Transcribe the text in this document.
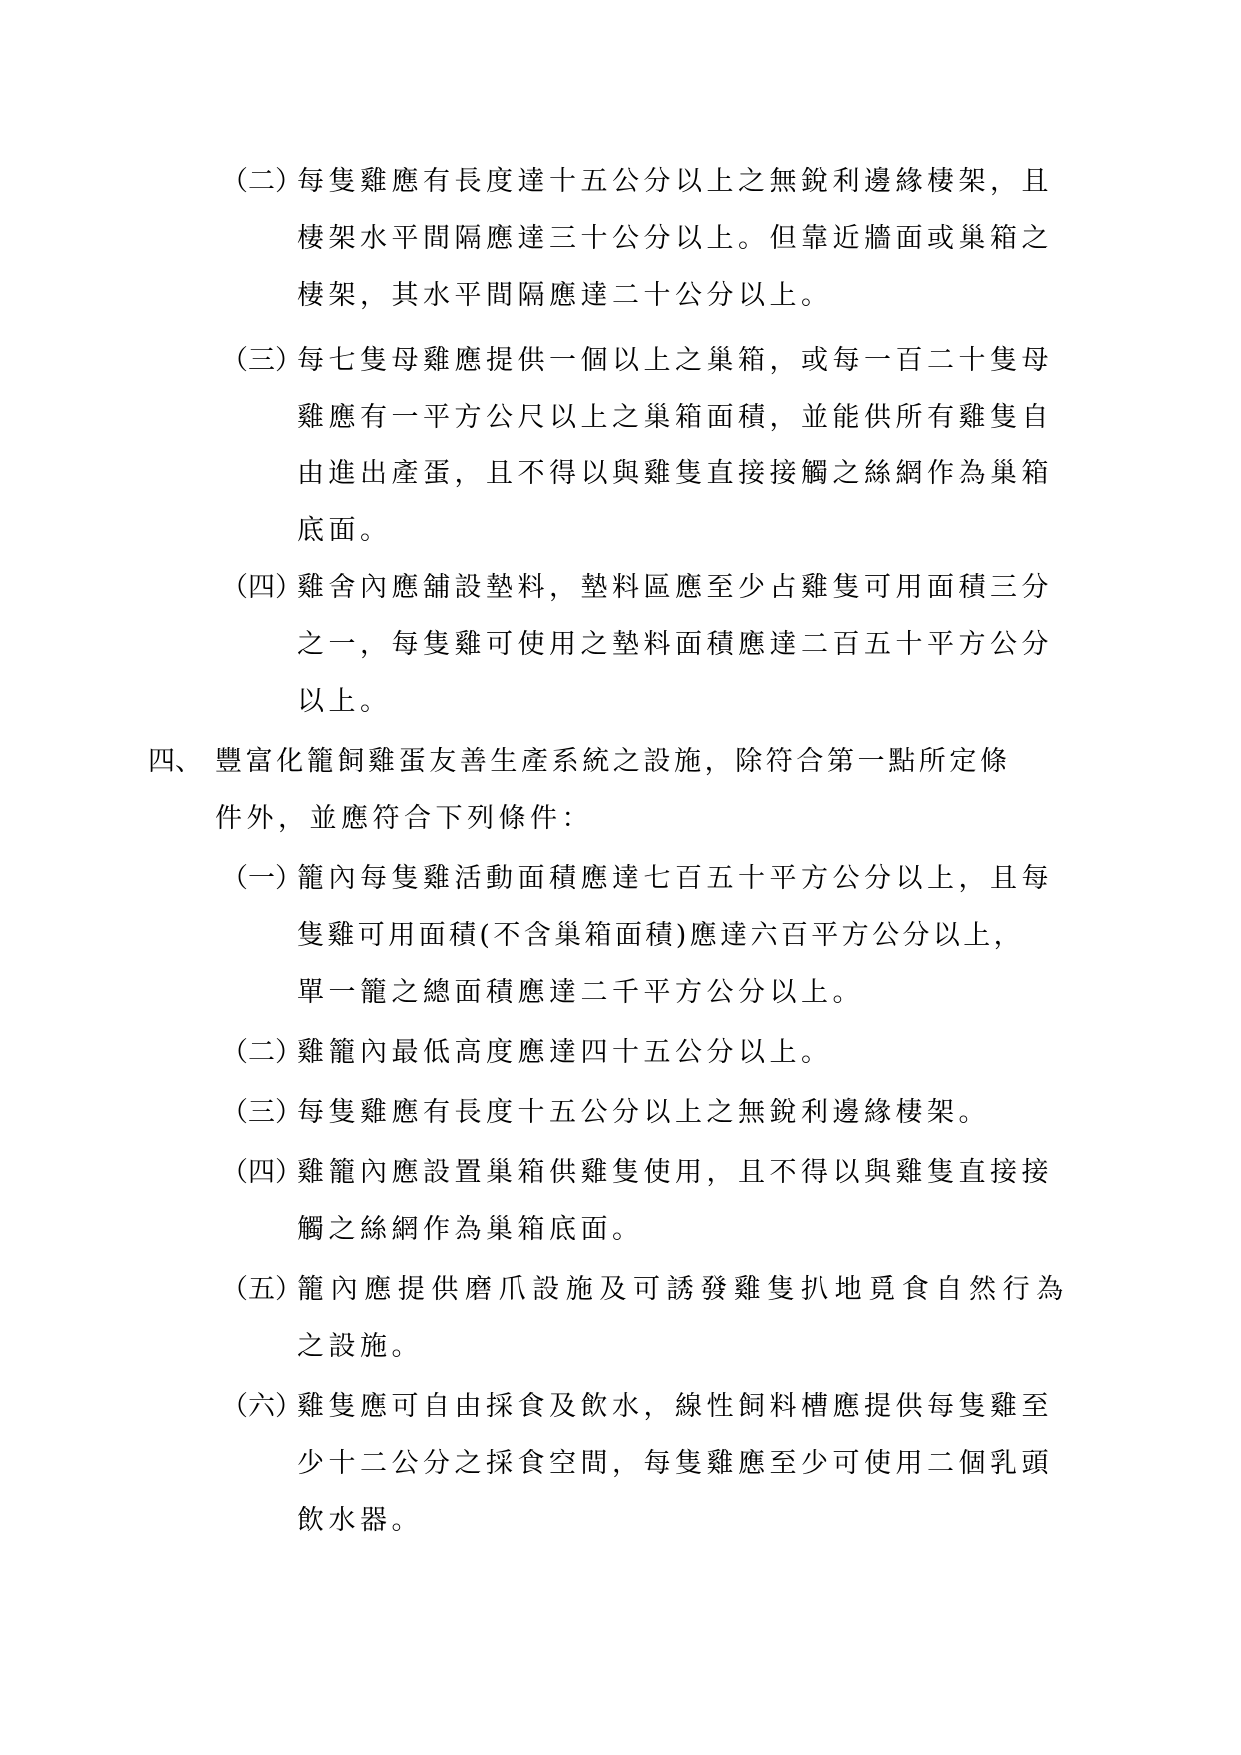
（二）
每隻雞應有長度達十五公分以上之無銳利邊緣棲架，且
棲架水平間隔應達三十公分以上。但靠近牆面或巢箱之
棲架，其水平間隔應達二十公分以上。
（三）
每七隻母雞應提供一個以上之巢箱，或每一百二十隻母
雞應有一平方公尺以上之巢箱面積，並能供所有雞隻自
由進出產蛋，且不得以與雞隻直接接觸之絲網作為巢箱
底面。
（四）
雞舍內應舖設墊料，墊料區應至少占雞隻可用面積三分
之一，每隻雞可使用之墊料面積應達二百五十平方公分
以上。
四、 豐富化籠飼雞蛋友善生產系統之設施，除符合第一點所定條
件外，並應符合下列條件：
（一）
籠內每隻雞活動面積應達七百五十平方公分以上，且每
隻雞可用面積(不含巢箱面積)應達六百平方公分以上，
單一籠之總面積應達二千平方公分以上。
（二）
雞籠內最低高度應達四十五公分以上。
（三）
每隻雞應有長度十五公分以上之無銳利邊緣棲架。
（四）
雞籠內應設置巢箱供雞隻使用，且不得以與雞隻直接接
觸之絲網作為巢箱底面。
（五）
籠內應提供磨爪設施及可誘發雞隻扒地覓食自然行為
之設施。
（六）
雞隻應可自由採食及飲水，線性飼料槽應提供每隻雞至
少十二公分之採食空間，每隻雞應至少可使用二個乳頭
飲水器。
